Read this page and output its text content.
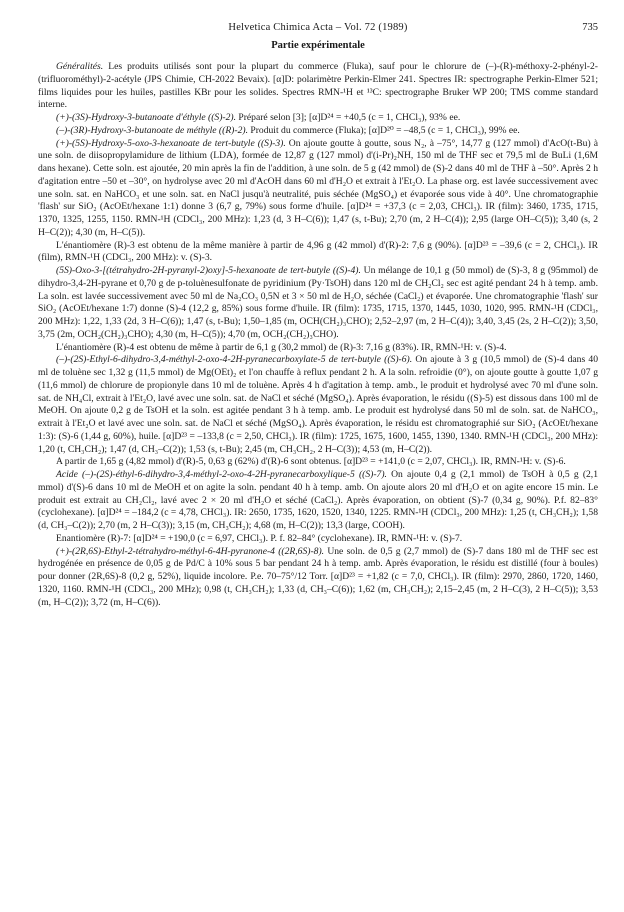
Helvetica Chimica Acta – Vol. 72 (1989)	735
Partie expérimentale

Généralités. Les produits utilisés sont pour la plupart du commerce (Fluka), sauf pour le chlorure de (–)-(R)-méthoxy-2-phényl-2-(trifluorométhyl)-2-acétyle (JPS Chimie, CH-2022 Bevaix). [α]D: polarimètre Perkin-Elmer 241. Spectres IR: spectrographe Perkin-Elmer 521; films liquides pour les huiles, pastilles KBr pour les solides. Spectres RMN-¹H et ¹³C: spectrographe Bruker WP 200; TMS comme standard interne.

(+)-(3S)-Hydroxy-3-butanoate d'éthyle ((S)-2). Préparé selon [3]; [α]D²⁴ = +40,5 (c = 1, CHCl₃), 93% ee.

(–)-(3R)-Hydroxy-3-butanoate de méthyle ((R)-2). Produit du commerce (Fluka); [α]D²⁰ = –48,5 (c = 1, CHCl₃), 99% ee.

(+)-(5S)-Hydroxy-5-oxo-3-hexanoate de tert-butyle ((S)-3). On ajoute goutte à goutte, sous N₂, à –75°, 14,77 g (127 mmol) d'AcO(t-Bu) à une soln. de diisopropylamidure de lithium (LDA), formée de 12,87 g (127 mmol) d'(i-Pr)₂NH, 150 ml de THF sec et 79,5 ml de BuLi (1,6M dans hexane). Cette soln. est ajoutée, 20 min après la fin de l'addition, à une soln. de 5 g (42 mmol) de (S)-2 dans 40 ml de THF à –50°. Après 2 h d'agitation entre –50 et –30°, on hydrolyse avec 20 ml d'AcOH dans 60 ml d'H₂O et extrait à l'Et₂O. La phase org. est lavée successivement avec une soln. sat. en NaHCO₃ et une soln. sat. en NaCl jusqu'à neutralité, puis séchée (MgSO₄) et évaporée sous vide à 40°. Une chromatographie 'flash' sur SiO₂ (AcOEt/hexane 1:1) donne 3 (6,7 g, 79%) sous forme d'huile. [α]D²⁴ = +37,3 (c = 2,03, CHCl₃). IR (film): 3460, 1735, 1715, 1370, 1325, 1255, 1150. RMN-¹H (CDCl₃, 200 MHz): 1,23 (d, 3 H–C(6)); 1,47 (s, t-Bu); 2,70 (m, 2 H–C(4)); 2,95 (large OH–C(5)); 3,40 (s, 2 H–C(2)); 4,30 (m, H–C(5)).

L'énantiomère (R)-3 est obtenu de la même manière à partir de 4,96 g (42 mmol) d'(R)-2: 7,6 g (90%). [α]D²³ = –39,6 (c = 2, CHCl₃). IR (film), RMN-¹H (CDCl₃, 200 MHz): v. (S)-3.

(5S)-Oxo-3-[(tétrahydro-2H-pyranyl-2)oxy]-5-hexanoate de tert-butyle ((S)-4). Un mélange de 10,1 g (50 mmol) de (S)-3, 8 g (95mmol) de dihydro-3,4-2H-pyrane et 0,70 g de p-toluènesulfonate de pyridinium (Py·TsOH) dans 120 ml de CH₂Cl₂ sec est agité pendant 24 h à temp. amb. La soln. est lavée successivement avec 50 ml de Na₂CO₃ 0,5N et 3 × 50 ml de H₂O, séchée (CaCl₂) et évaporée. Une chromatographie 'flash' sur SiO₂ (AcOEt/hexane 1:7) donne (S)-4 (12,2 g, 85%) sous forme d'huile. IR (film): 1735, 1715, 1370, 1445, 1030, 1020, 995. RMN-¹H (CDCl₃, 200 MHz): 1,22, 1,33 (2d, 3 H–C(6)); 1,47 (s, t-Bu); 1,50–1,85 (m, OCH(CH₂)₃CHO); 2,52–2,97 (m, 2 H–C(4)); 3,40, 3,45 (2s, 2 H–C(2)); 3,50, 3,75 (2m, OCH₂(CH₂)₃CHO); 4,30 (m, H–C(5)); 4,70 (m, OCH₂(CH₂)₃CHO).

L'énantiomère (R)-4 est obtenu de même à partir de 6,1 g (30,2 mmol) de (R)-3: 7,16 g (83%). IR, RMN-¹H: v. (S)-4.

(–)-(2S)-Ethyl-6-dihydro-3,4-méthyl-2-oxo-4-2H-pyranecarboxylate-5 de tert-butyle ((S)-6). On ajoute à 3 g (10,5 mmol) de (S)-4 dans 40 ml de toluène sec 1,32 g (11,5 mmol) de Mg(OEt)₂ et l'on chauffe à reflux pendant 2 h. A la soln. refroidie (0°), on ajoute goutte à goutte 1,07 g (11,6 mmol) de chlorure de propionyle dans 10 ml de toluène. Après 4 h d'agitation à temp. amb., le produit et hydrolysé avec 70 ml d'une soln. sat. de NH₄Cl, extrait à l'Et₂O, lavé avec une soln. sat. de NaCl et séché (MgSO₄). Après évaporation, le résidu ((S)-5) est dissous dans 100 ml de MeOH. On ajoute 0,2 g de TsOH et la soln. est agitée pendant 3 h à temp. amb. Le produit est hydrolysé dans 50 ml de soln. sat. de NaHCO₃, extrait à l'Et₂O et lavé avec une soln. sat. de NaCl et séché (MgSO₄). Après évaporation, le résidu est chromatographié sur SiO₂ (AcOEt/hexane 1:3): (S)-6 (1,44 g, 60%), huile. [α]D²³ = –133,8 (c = 2,50, CHCl₃). IR (film): 1725, 1675, 1600, 1455, 1390, 1340. RMN-¹H (CDCl₃, 200 MHz): 1,20 (t, CH₃CH₂); 1,47 (d, CH₃–C(2)); 1,53 (s, t-Bu); 2,45 (m, CH₃CH₂, 2 H–C(3)); 4,53 (m, H–C(2)).

A partir de 1,65 g (4,82 mmol) d'(R)-5, 0,63 g (62%) d'(R)-6 sont obtenus. [α]D²³ = +141,0 (c = 2,07, CHCl₃). IR, RMN-¹H: v. (S)-6.

Acide (–)-(2S)-éthyl-6-dihydro-3,4-méthyl-2-oxo-4-2H-pyranecarboxylique-5 ((S)-7). On ajoute 0,4 g (2,1 mmol) de TsOH à 0,5 g (2,1 mmol) d'(S)-6 dans 10 ml de MeOH et on agite la soln. pendant 40 h à temp. amb. On ajoute alors 20 ml d'H₂O et on agite encore 15 min. Le produit est extrait au CH₂Cl₂, lavé avec 2 × 20 ml d'H₂O et séché (CaCl₂). Après évaporation, on obtient (S)-7 (0,34 g, 90%). P.f. 82–83° (cyclohexane). [α]D²⁴ = –184,2 (c = 4,78, CHCl₃). IR: 2650, 1735, 1620, 1520, 1340, 1225. RMN-¹H (CDCl₃, 200 MHz): 1,25 (t, CH₃CH₂); 1,58 (d, CH₃–C(2)); 2,70 (m, 2 H–C(3)); 3,15 (m, CH₃CH₂); 4,68 (m, H–C(2)); 13,3 (large, COOH).

Enantiomère (R)-7: [α]D²⁴ = +190,0 (c = 6,97, CHCl₃). P. f. 82–84° (cyclohexane). IR, RMN-¹H: v. (S)-7.

(+)-(2R,6S)-Ethyl-2-tétrahydro-méthyl-6-4H-pyranone-4 ((2R,6S)-8). Une soln. de 0,5 g (2,7 mmol) de (S)-7 dans 180 ml de THF sec est hydrogénée en présence de 0,05 g de Pd/C à 10% sous 5 bar pendant 24 h à temp. amb. Après évaporation, le résidu est distillé (four à boules) pour donner (2R,6S)-8 (0,2 g, 52%), liquide incolore. P.e. 70–75°/12 Torr. [α]D²³ = +1,82 (c = 7,0, CHCl₃). IR (film): 2970, 2860, 1720, 1460, 1320, 1160. RMN-¹H (CDCl₃, 200 MHz); 0,98 (t, CH₃CH₂); 1,33 (d, CH₃–C(6)); 1,62 (m, CH₃CH₂); 2,15–2,45 (m, 2 H–C(3), 2 H–C(5)); 3,53 (m, H–C(2)); 3,72 (m, H–C(6)).
